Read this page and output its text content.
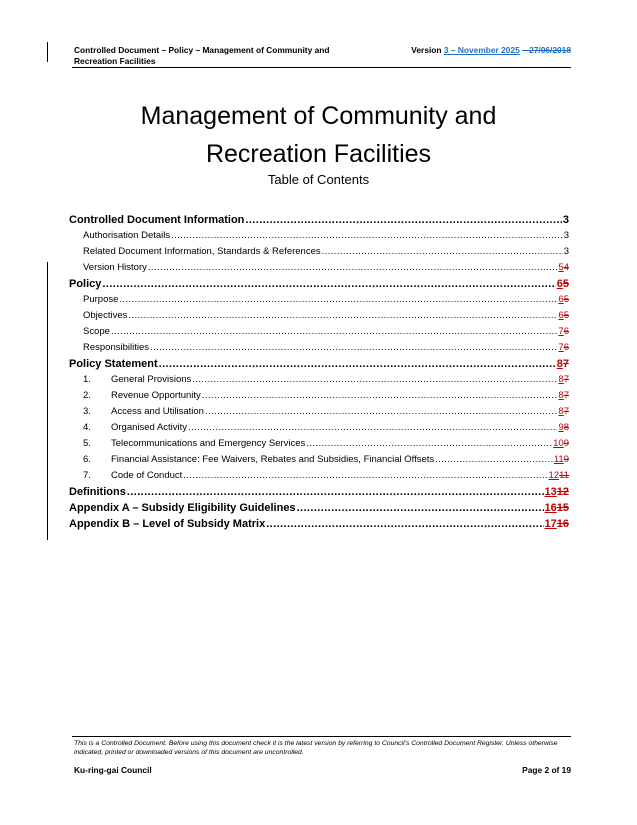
Controlled Document – Policy – Management of Community and
Recreation Facilities
Version 3 – November 2025 – 27/06/2018
Management of Community and
Recreation Facilities
Table of Contents
Controlled Document Information .....	3
Authorisation Details .....	3
Related Document Information, Standards & References .....	3
Version History .....	54
Policy .....	65
Purpose .....	65
Objectives .....	65
Scope .....	76
Responsibilities .....	76
Policy Statement .....	87
1.	General Provisions .....	87
2.	Revenue Opportunity .....	87
3.	Access and Utilisation .....	87
4.	Organised Activity .....	98
5.	Telecommunications and Emergency Services .....	109
6.	Financial Assistance: Fee Waivers, Rebates and Subsidies, Financial Offsets .....	119
7.	Code of Conduct .....	1211
Definitions .....	1312
Appendix A – Subsidy Eligibility Guidelines .....	1615
Appendix B – Level of Subsidy Matrix .....	1716
This is a Controlled Document. Before using this document check it is the latest version by referring to Council’s Controlled Document Register. Unless otherwise indicated, printed or downloaded versions of this document are uncontrolled.
Ku-ring-gai Council	Page 2 of 19
